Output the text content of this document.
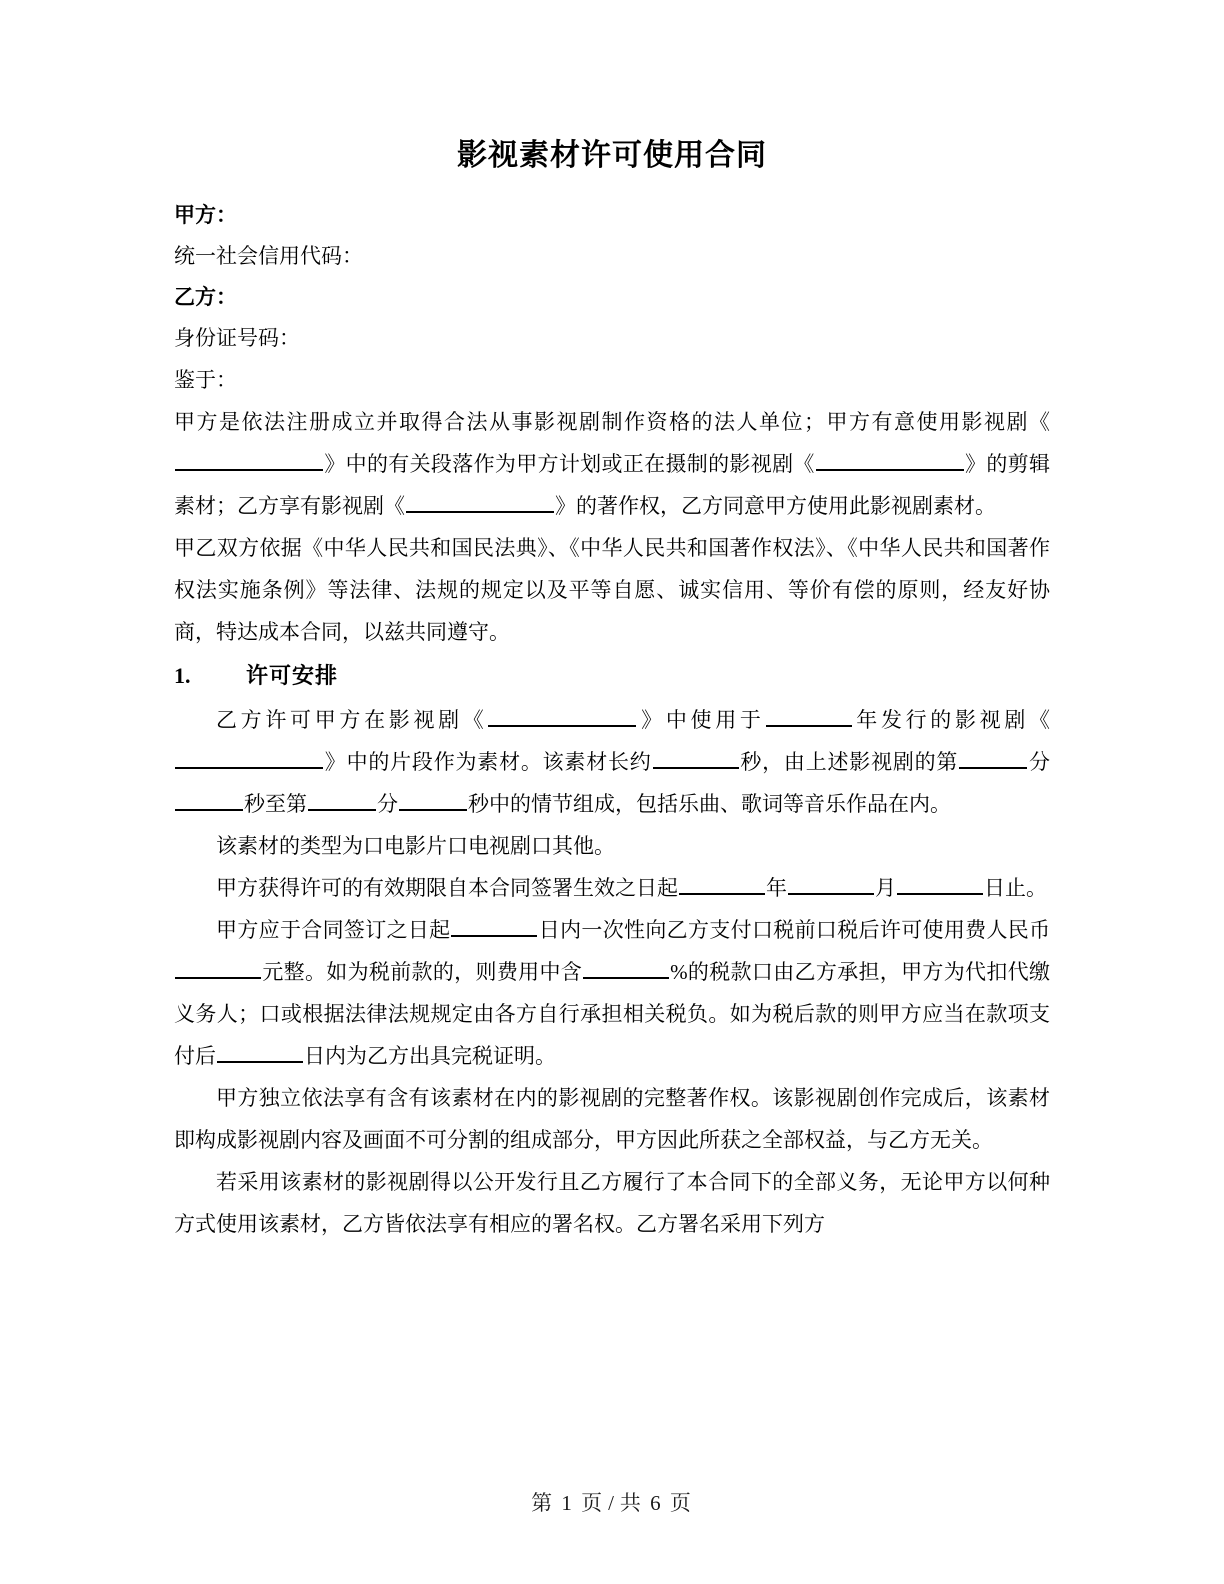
影视素材许可使用合同
甲方：
统一社会信用代码：
乙方：
身份证号码：

鉴于：

甲方是依法注册成立并取得合法从事影视剧制作资格的法人单位；甲方有意使用影视剧《》中的有关段落作为甲方计划或正在摄制的影视剧《	》的剪辑素材；乙方享有影视剧《	》的著作权，乙方同意甲方使用此影视剧素材。

甲乙双方依据《中华人民共和国民法典》、《中华人民共和国著作权法》、《中华人民共和国著作权法实施条例》等法律、法规的规定以及平等自愿、诚实信用、等价有偿的原则，经友好协商，特达成本合同，以兹共同遵守。

1.	许可安排

乙方许可甲方在影视剧《	》中使用于	年发行的影视剧《》中的片段作为素材。该素材长约	秒，由上述影视剧的第	分秒至第	分	秒中的情节组成，包括乐曲、歌词等音乐作品在内。

该素材的类型为口电影片口电视剧口其他。

甲方获得许可的有效期限自本合同签署生效之日起	年	月	日止。

甲方应于合同签订之日起	日内一次性向乙方支付口税前口税后许可使用费人民币元整。如为税前款的，则费用中含	%的税款口由乙方承担，甲方为代扣代缴义务人；口或根据法律法规规定由各方自行承担相关税负。如为税后款的则甲方应当在款项支付后	日内为乙方出具完税证明。

甲方独立依法享有含有该素材在内的影视剧的完整著作权。该影视剧创作完成后，该素材即构成影视剧内容及画面不可分割的组成部分，甲方因此所获之全部权益，与乙方无关。

若采用该素材的影视剧得以公开发行且乙方履行了本合同下的全部义务，无论甲方以何种方式使用该素材，乙方皆依法享有相应的署名权。乙方署名采用下列方

第 1 页 / 共 6 页
